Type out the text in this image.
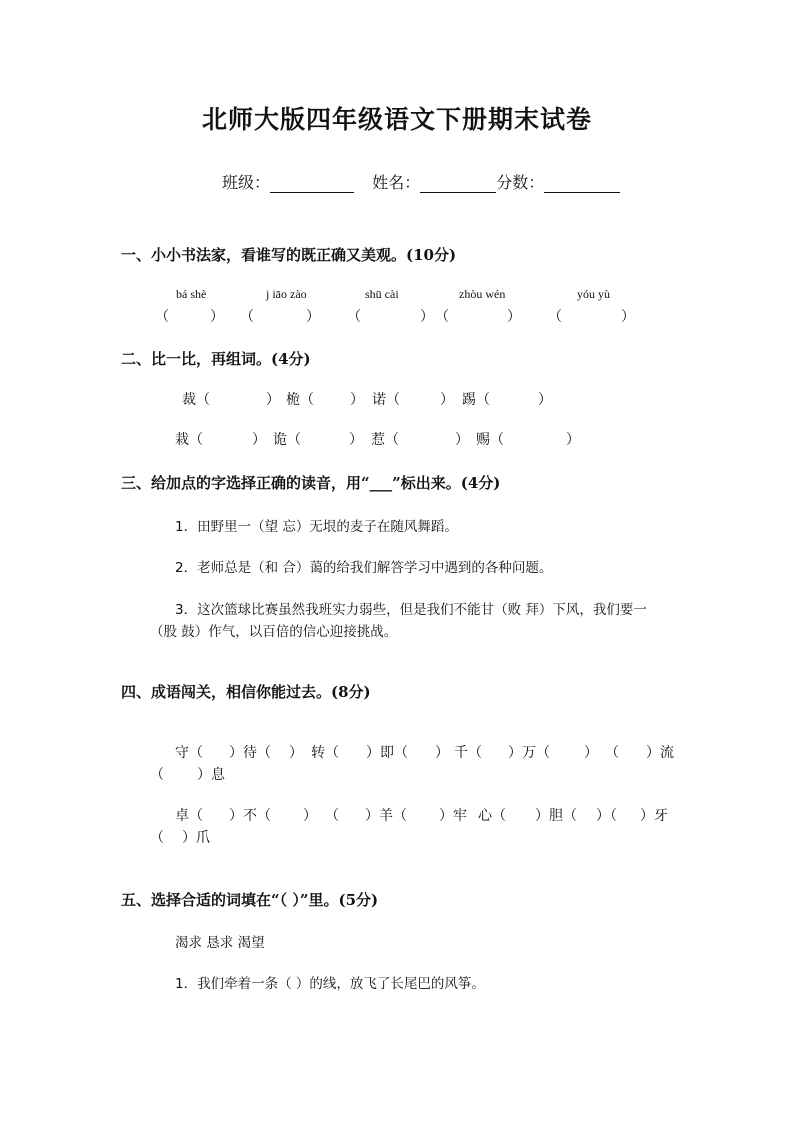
北师大版四年级语文下册期末试卷
班级：	姓名：	分数：
一、小小书法家，看谁写的既正确又美观。(10分)
bá shè	j iāo zào	shū cài	zhòu wén	yóu yù
（	） （	） （	） （	） （	）
二、比一比，再组词。(4分)
裁（	） 桅（	） 诺（	） 踢（	）
栽（	） 诡（	） 惹（	） 赐（	）
三、给加点的字选择正确的读音，用“___”标出来。(4分)
1．田野里一（望 忘）无垠的麦子在随风舞蹈。
2．老师总是（和 合）蔼的给我们解答学习中遇到的各种问题。
3．这次篮球比赛虽然我班实力弱些，但是我们不能甘（败 拜）下风，我们要一
（股 鼓）作气，以百倍的信心迎接挑战。
四、成语闯关，相信你能过去。(8分)
守（ ）待（ ） 转（ ）即（ ） 千（ ）万（ ） （ ）流
（ ）息
卓（ ）不（ ） （ ）羊（ ）牢 心（ ）胆（ ）（ ）牙
（ ）爪
五、选择合适的词填在“（ ）”里。(5分)
渴求 恳求 渴望
1．我们牵着一条（ ）的线，放飞了长尾巴的风筝。
